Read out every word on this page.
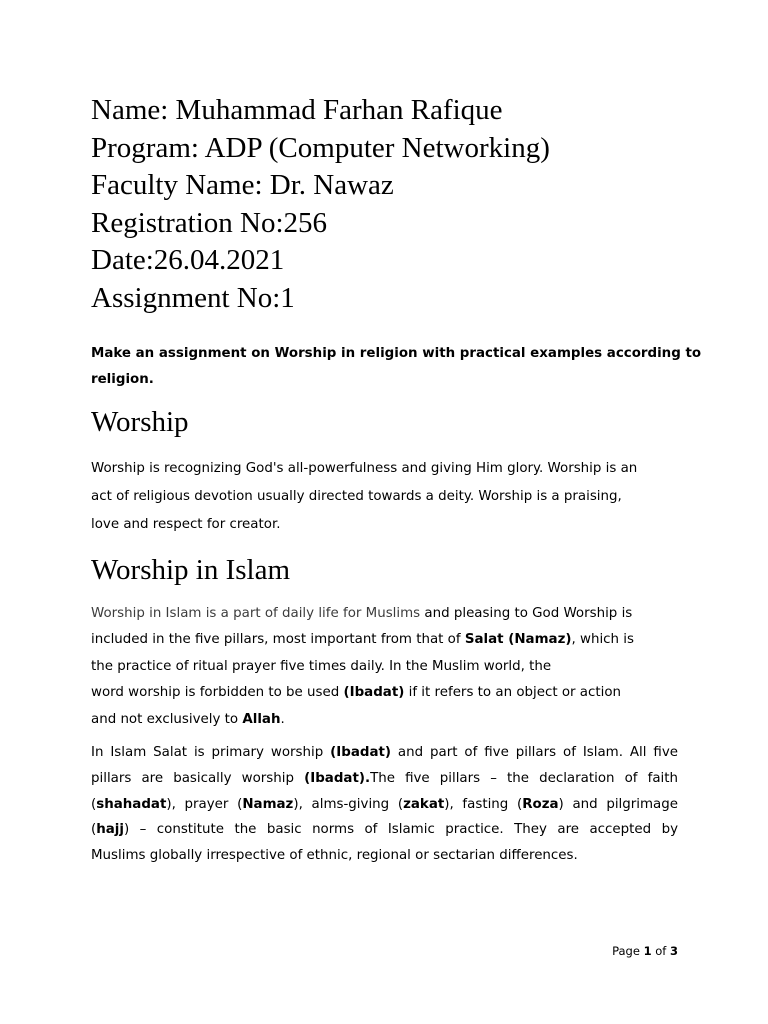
Name: Muhammad Farhan Rafique
Program: ADP (Computer Networking)
Faculty Name: Dr. Nawaz
Registration No:256
Date:26.04.2021
Assignment No:1
Make an assignment on Worship in religion with practical examples according to
religion.
Worship
Worship is recognizing God's all-powerfulness and giving Him glory. Worship is an
act of religious devotion usually directed towards a deity. Worship is a praising,
love and respect for creator.
Worship in Islam
Worship in Islam is a part of daily life for Muslims and pleasing to God Worship is
included in the five pillars, most important from that of Salat (Namaz), which is
the practice of ritual prayer five times daily. In the Muslim world, the
word worship is forbidden to be used (Ibadat) if it refers to an object or action
and not exclusively to Allah.
In Islam Salat is primary worship (Ibadat) and part of five pillars of Islam. All five
pillars are basically worship (Ibadat).The five pillars – the declaration of faith
(shahadat), prayer (Namaz), alms-giving (zakat), fasting (Roza) and pilgrimage
(hajj) – constitute the basic norms of Islamic practice. They are accepted by
Muslims globally irrespective of ethnic, regional or sectarian differences.
Page 1 of 3
